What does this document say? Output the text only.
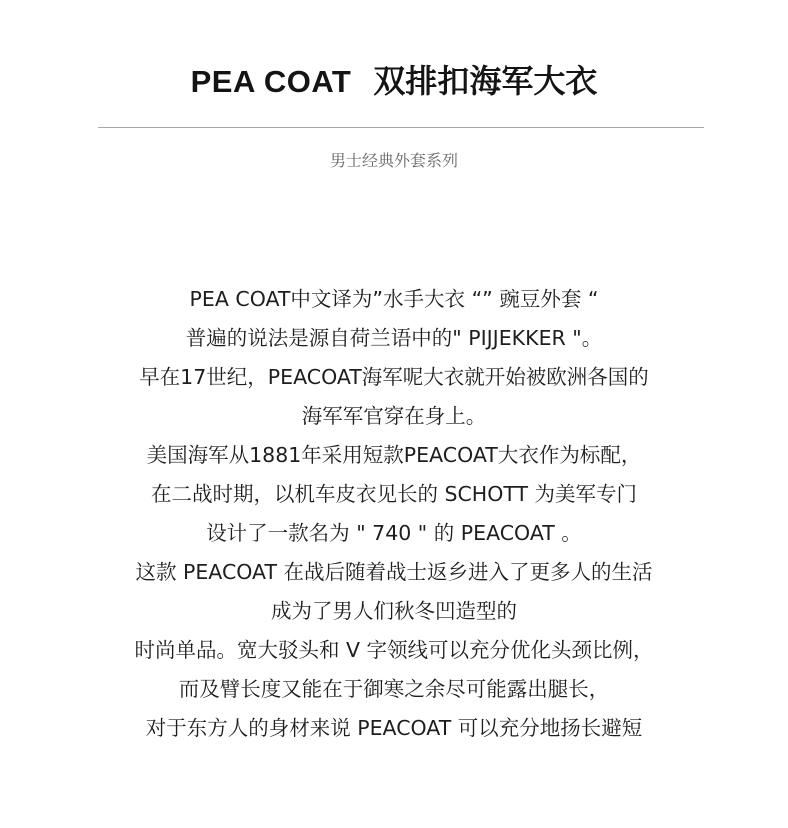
PEA COAT 双排扣海军大衣
男士经典外套系列
PEA COAT中文译为”水手大衣 “” 豌豆外套 “
普遍的说法是源自荷兰语中的" PIJJEKKER "。
早在17世纪，PEACOAT海军呢大衣就开始被欧洲各国的
海军军官穿在身上。
美国海军从1881年采用短款PEACOAT大衣作为标配，
在二战时期，以机车皮衣见长的 SCHOTT 为美军专门
设计了一款名为 " 740 " 的 PEACOAT 。
这款 PEACOAT 在战后随着战士返乡进入了更多人的生活
成为了男人们秋冬凹造型的
时尚单品。宽大驳头和 V 字领线可以充分优化头颈比例，
而及臂长度又能在于御寒之余尽可能露出腿长，
对于东方人的身材来说 PEACOAT 可以充分地扬长避短
